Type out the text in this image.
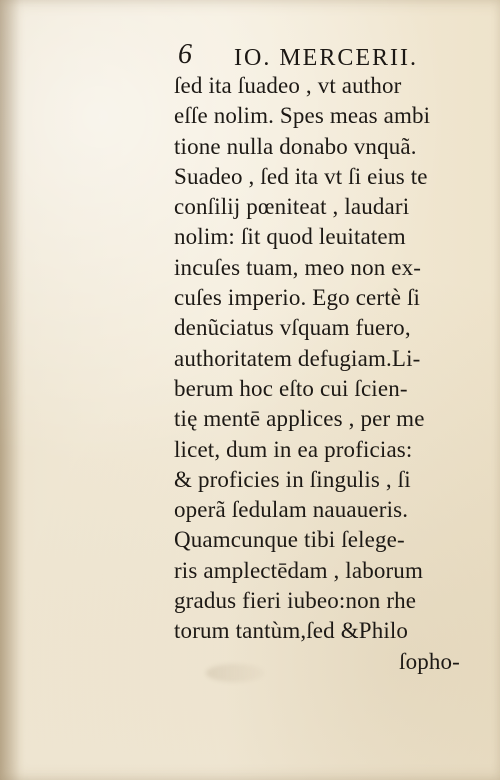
6 IO. MERCERII.
ſed ita ſuadeo , vt author
eſſe nolim. Spes meas ambi
tione nulla donabo vnquã.
Suadeo , ſed ita vt ſi eius te
conſilij pœniteat , laudari
nolim: ſit quod leuitatem
incuſes tuam, meo non ex-
cuſes imperio. Ego certè ſi
denũciatus vſquam fuero,
authoritatem defugiam.Li-
berum hoc eſto cui ſcien-
tię mentē applices , per me
licet, dum in ea proficias:
& proficies in ſingulis , ſi
operã ſedulam nauaueris.
Quamcunque tibi ſelege-
ris amplectēdam , laborum
gradus fieri iubeo:non rhe
torum tantùm,ſed &Philo
ſopho-
